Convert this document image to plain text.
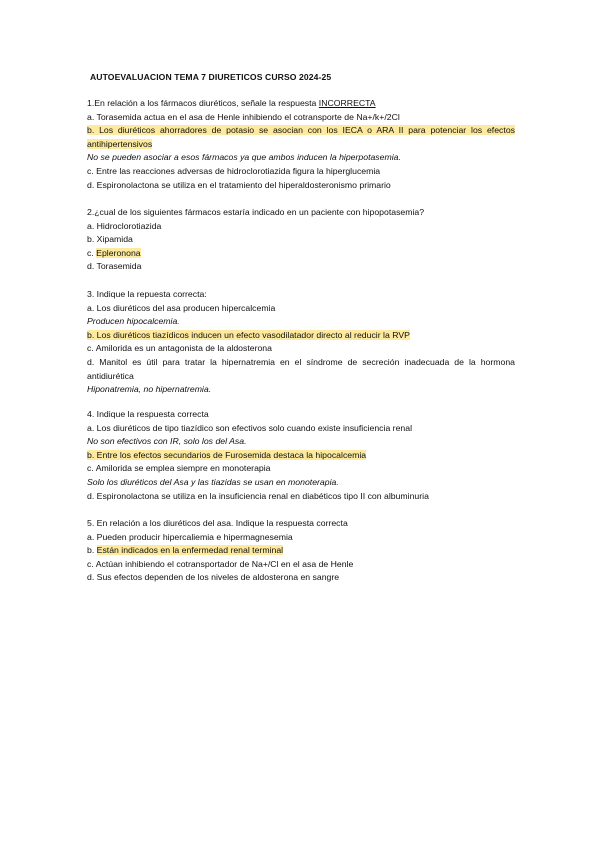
AUTOEVALUACION TEMA 7 DIURETICOS CURSO 2024-25
1.En relación a los fármacos diuréticos, señale la respuesta INCORRECTA
a. Torasemida actua en el asa de Henle inhibiendo el cotransporte de Na+/k+/2Cl
b. Los diuréticos ahorradores de potasio se asocian con los IECA o ARA II para potenciar los efectos antihipertensivos
No se pueden asociar a esos fármacos ya que ambos inducen la hiperpotasemia.
c. Entre las reacciones adversas de hidroclorotiazida figura la hiperglucemia
d. Espironolactona se utiliza en el tratamiento del hiperaldosteronismo primario
2.¿cual de los siguientes fármacos estaría indicado en un paciente con hipopotasemia?
a. Hidroclorotiazida
b. Xipamida
c. Epleronona
d. Torasemida
3. Indique la repuesta correcta:
a. Los diuréticos del asa producen hipercalcemia
Producen hipocalcemia.
b. Los diuréticos tiazídicos inducen un efecto vasodilatador directo al reducir la RVP
c. Amilorida es un antagonista de la aldosterona
d. Manitol es útil para tratar la hipernatremia en el síndrome de secreción inadecuada de la hormona antidiurética
Hiponatremia, no hipernatremia.
4. Indique la respuesta correcta
a. Los diuréticos de tipo tiazídico son efectivos solo cuando existe insuficiencia renal
No son efectivos con IR, solo los del Asa.
b. Entre los efectos secundarios de Furosemida destaca la hipocalcemia
c. Amilorida se emplea siempre en monoterapia
Solo los diuréticos del Asa y las tiazidas se usan en monoterapia.
d. Espironolactona se utiliza en la insuficiencia renal en diabéticos tipo II con albuminuria
5. En relación a los diuréticos del asa. Indique la respuesta correcta
a. Pueden producir hipercaliemia e hipermagnesemia
b. Están indicados en la enfermedad renal terminal
c. Actúan inhibiendo el cotransportador de Na+/Cl en el asa de Henle
d. Sus efectos dependen de los niveles de aldosterona en sangre
